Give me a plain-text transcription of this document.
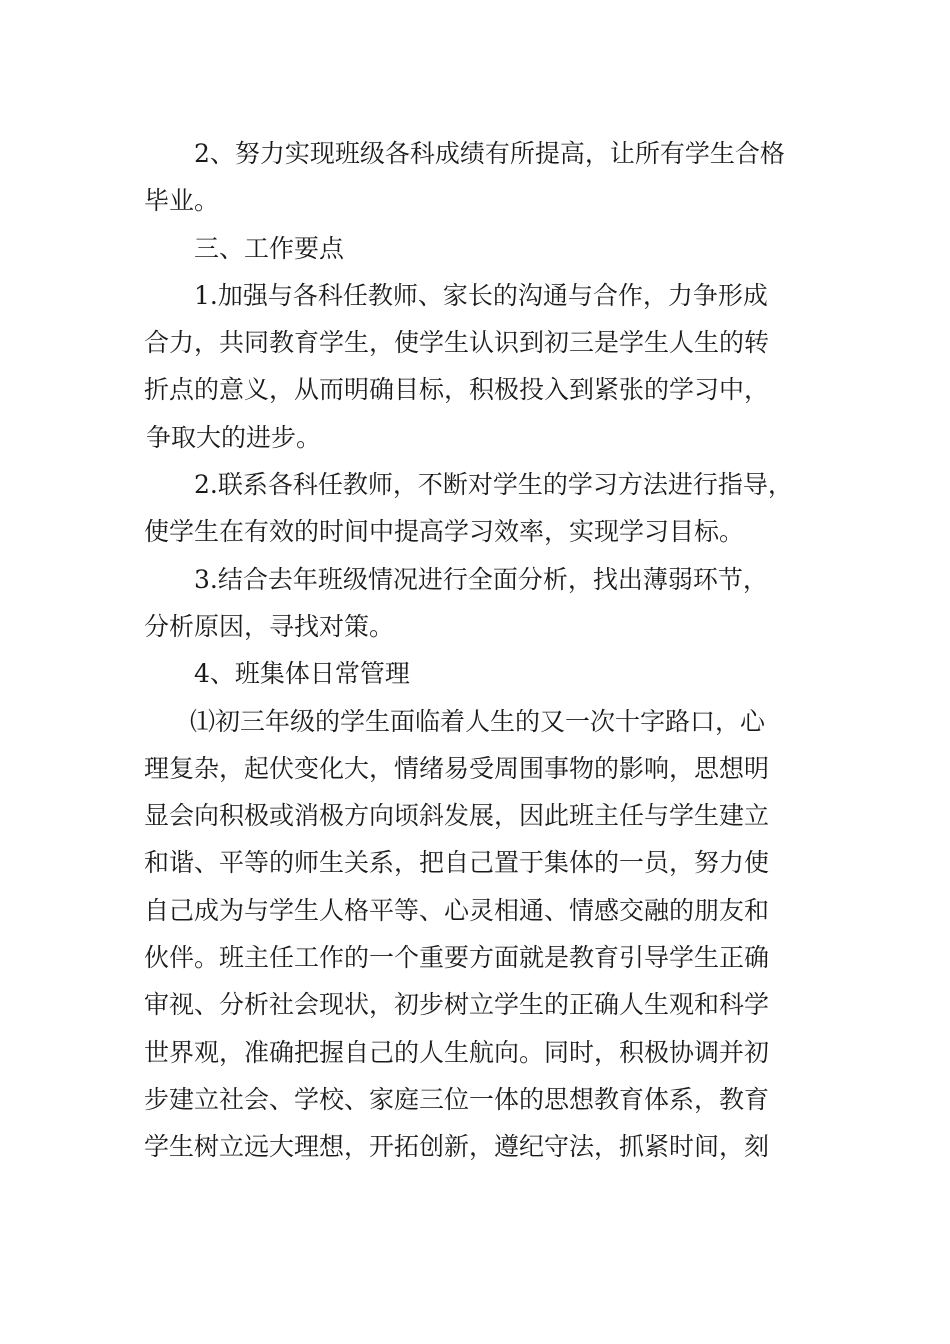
2、努力实现班级各科成绩有所提高，让所有学生合格
毕业。
三、工作要点
1.加强与各科任教师、家长的沟通与合作，力争形成
合力，共同教育学生，使学生认识到初三是学生人生的转
折点的意义，从而明确目标，积极投入到紧张的学习中，
争取大的进步。
2.联系各科任教师，不断对学生的学习方法进行指导，
使学生在有效的时间中提高学习效率，实现学习目标。
3.结合去年班级情况进行全面分析，找出薄弱环节，
分析原因，寻找对策。
4、班集体日常管理
⑴初三年级的学生面临着人生的又一次十字路口，心
理复杂，起伏变化大，情绪易受周围事物的影响，思想明
显会向积极或消极方向顷斜发展，因此班主任与学生建立
和谐、平等的师生关系，把自己置于集体的一员，努力使
自己成为与学生人格平等、心灵相通、情感交融的朋友和
伙伴。班主任工作的一个重要方面就是教育引导学生正确
审视、分析社会现状，初步树立学生的正确人生观和科学
世界观，准确把握自己的人生航向。同时，积极协调并初
步建立社会、学校、家庭三位一体的思想教育体系，教育
学生树立远大理想，开拓创新，遵纪守法，抓紧时间，刻
